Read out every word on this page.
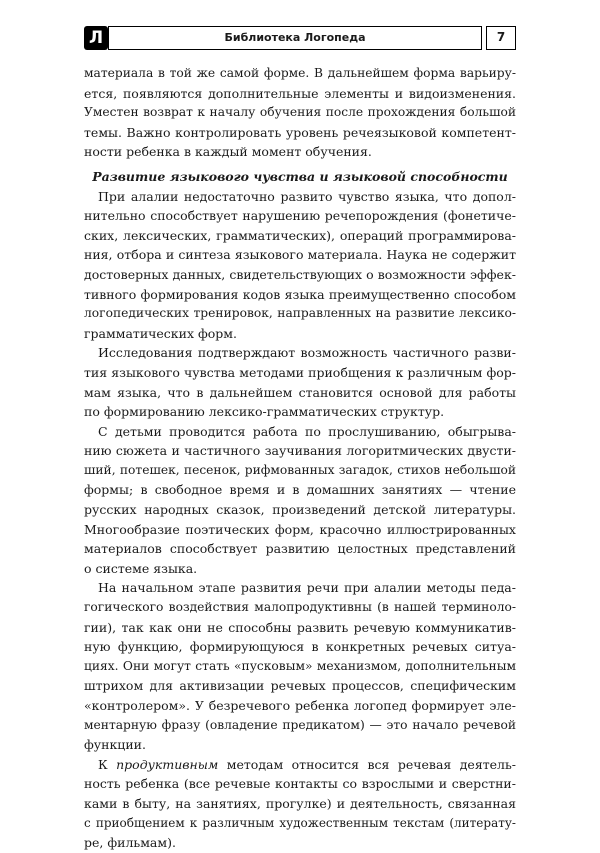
Л	Библиотека Логопеда	7
материала в той же самой форме. В дальнейшем форма варьиру-
ется, появляются дополнительные элементы и видоизменения.
Уместен возврат к началу обучения после прохождения большой
темы. Важно контролировать уровень речеязыковой компетент-
ности ребенка в каждый момент обучения.
Развитие языкового чувства и языковой способности
При алалии недостаточно развито чувство языка, что допол-
нительно способствует нарушению речепорождения (фонетиче-
ских, лексических, грамматических), операций программирова-
ния, отбора и синтеза языкового материала. Наука не содержит
достоверных данных, свидетельствующих о возможности эффек-
тивного формирования кодов языка преимущественно способом
логопедических тренировок, направленных на развитие лексико-
грамматических форм.
Исследования подтверждают возможность частичного разви-
тия языкового чувства методами приобщения к различным фор-
мам языка, что в дальнейшем становится основой для работы
по формированию лексико-грамматических структур.
С детьми проводится работа по прослушиванию, обыгрыва-
нию сюжета и частичного заучивания логоритмических двусти-
ший, потешек, песенок, рифмованных загадок, стихов небольшой
формы; в свободное время и в домашних занятиях — чтение
русских народных сказок, произведений детской литературы.
Многообразие поэтических форм, красочно иллюстрированных
материалов способствует развитию целостных представлений
о системе языка.
На начальном этапе развития речи при алалии методы педа-
гогического воздействия малопродуктивны (в нашей терминоло-
гии), так как они не способны развить речевую коммуникатив-
ную функцию, формирующуюся в конкретных речевых ситуа-
циях. Они могут стать «пусковым» механизмом, дополнительным
штрихом для активизации речевых процессов, специфическим
«контролером». У безречевого ребенка логопед формирует эле-
ментарную фразу (овладение предикатом) — это начало речевой
функции.
К продуктивным методам относится вся речевая деятель-
ность ребенка (все речевые контакты со взрослыми и сверстни-
ками в быту, на занятиях, прогулке) и деятельность, связанная
с приобщением к различным художественным текстам (литерату-
ре, фильмам).
